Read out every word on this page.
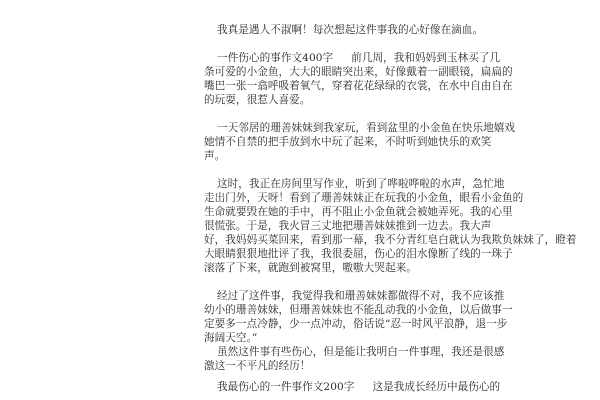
我真是遇人不淑啊！每次想起这件事我的心好像在滴血。

一件伤心的事作文400字 前几周，我和妈妈到玉林买了几

条可爱的小金鱼，大大的眼睛突出来，好像戴着一副眼镜，扁扁的

嘴巴一张一翕呼吸着氧气，穿着花花绿绿的衣裳，在水中自由自在

的玩耍，很惹人喜爱。

一天邻居的珊善妹妹到我家玩，看到盆里的小金鱼在快乐地嬉戏

她情不自禁的把手放到水中玩了起来，不时听到她快乐的欢笑

声。

这时，我正在房间里写作业，听到了哗啦哗啦的水声，急忙地

走出门外，天呀！看到了珊善妹妹正在玩我的小金鱼，眼看小金鱼的

生命就要毁在她的手中，再不阻止小金鱼就会被她弄死。我的心里

很慌张。于是，我火冒三丈地把珊善妹妹推到一边去。我大声

好，我妈妈买菜回来，看到那一幕，我不分青红皂白就认为我欺负妹妹了，瞪着

大眼睛狠狠地批评了我，我很委屈，伤心的泪水像断了线的一珠子

滚落了下来，就跑到被窝里，嗷嗷大哭起来。

经过了这件事，我觉得我和珊善妹妹都做得不对，我不应该推

幼小的珊善妹妹，但珊善妹妹也不能乱动我的小金鱼，以后做事一

定要多一点冷静，少一点冲动，俗话说“忍一时风平浪静，退一步

海阔天空。”

虽然这件事有些伤心，但是能让我明白一件事理，我还是很感

激这一不平凡的经历！

我最伤心的一件事作文200字 这是我成长经历中最伤心的
